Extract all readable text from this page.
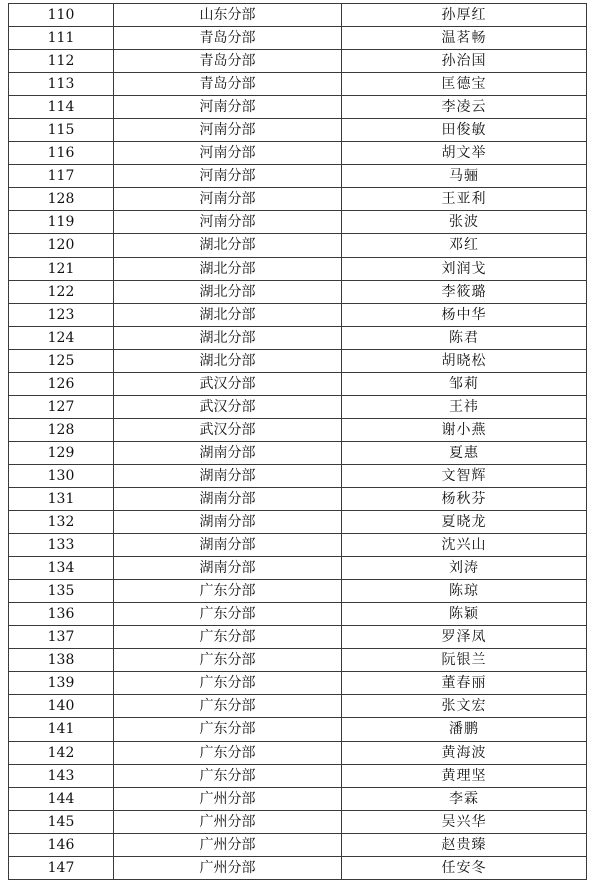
110	山东分部	孙厚红
111	青岛分部	温茗畅
112	青岛分部	孙治国
113	青岛分部	匡德宝
114	河南分部	李凌云
115	河南分部	田俊敏
116	河南分部	胡文举
117	河南分部	马骊
128	河南分部	王亚利
119	河南分部	张波
120	湖北分部	邓红
121	湖北分部	刘润戈
122	湖北分部	李筱璐
123	湖北分部	杨中华
124	湖北分部	陈君
125	湖北分部	胡晓松
126	武汉分部	邹莉
127	武汉分部	王祎
128	武汉分部	谢小燕
129	湖南分部	夏惠
130	湖南分部	文智辉
131	湖南分部	杨秋芬
132	湖南分部	夏晓龙
133	湖南分部	沈兴山
134	湖南分部	刘涛
135	广东分部	陈琼
136	广东分部	陈颖
137	广东分部	罗泽凤
138	广东分部	阮银兰
139	广东分部	董春丽
140	广东分部	张文宏
141	广东分部	潘鹏
142	广东分部	黄海波
143	广东分部	黄理坚
144	广州分部	李霖
145	广州分部	吴兴华
146	广州分部	赵贵臻
147	广州分部	任安冬
